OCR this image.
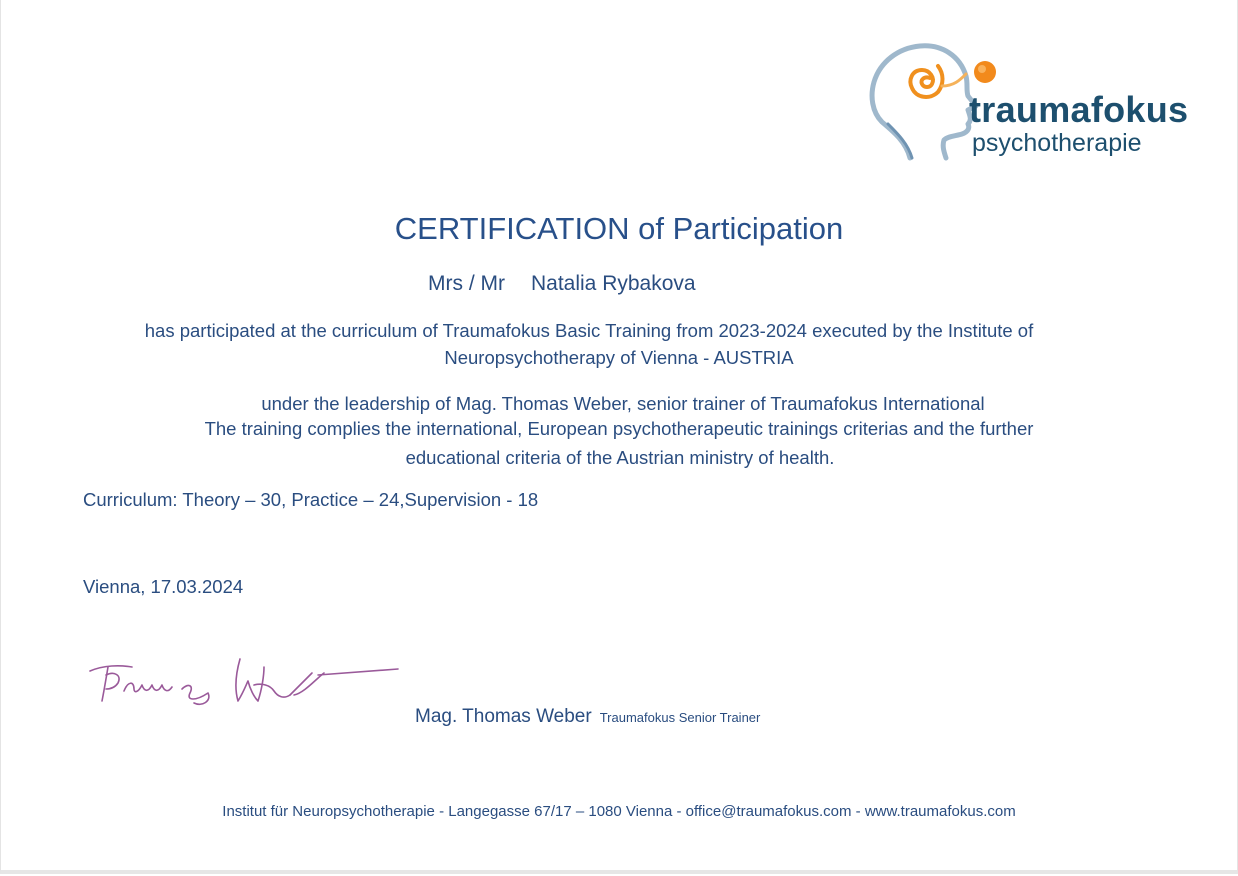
traumafokus
psychotherapie
CERTIFICATION of Participation
Mrs / Mr Natalia Rybakova
has participated at the curriculum of Traumafokus Basic Training from 2023-2024 executed by the Institute of
Neuropsychotherapy of Vienna - AUSTRIA
under the leadership of Mag. Thomas Weber, senior trainer of Traumafokus International
The training complies the international, European psychotherapeutic trainings criterias and the further
educational criteria of the Austrian ministry of health.
Curriculum: Theory – 30, Practice – 24,Supervision - 18
Vienna, 17.03.2024
Mag. Thomas Weber Traumafokus Senior Trainer
Institut für Neuropsychotherapie - Langegasse 67/17 – 1080 Vienna - office@traumafokus.com - www.traumafokus.com
